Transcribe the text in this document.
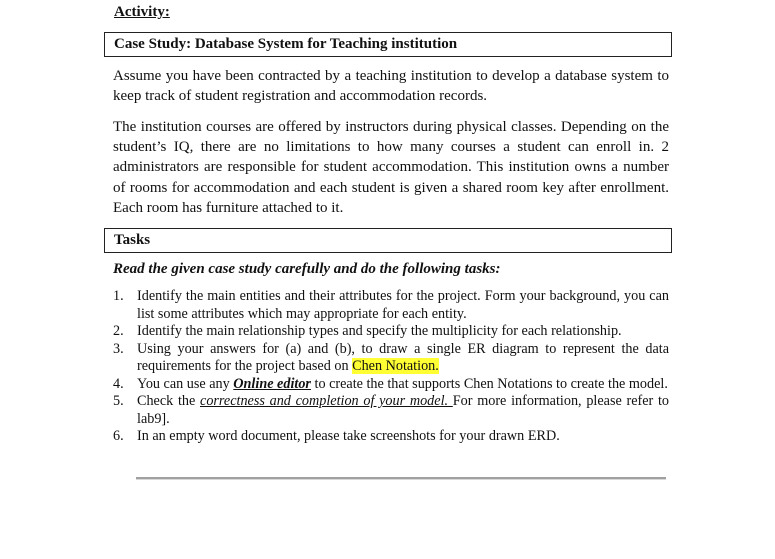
Activity:

Case Study: Database System for Teaching institution

Assume you have been contracted by a teaching institution to develop a database system to keep track of student registration and accommodation records.

The institution courses are offered by instructors during physical classes. Depending on the student’s IQ, there are no limitations to how many courses a student can enroll in. 2 administrators are responsible for student accommodation. This institution owns a number of rooms for accommodation and each student is given a shared room key after enrollment. Each room has furniture attached to it.

Tasks

Read the given case study carefully and do the following tasks:

1. Identify the main entities and their attributes for the project. Form your background, you can list some attributes which may appropriate for each entity.
2. Identify the main relationship types and specify the multiplicity for each relationship.
3. Using your answers for (a) and (b), to draw a single ER diagram to represent the data requirements for the project based on Chen Notation.
4. You can use any Online editor to create the that supports Chen Notations to create the model.
5. Check the correctness and completion of your model. For more information, please refer to lab9].
6. In an empty word document, please take screenshots for your drawn ERD.
